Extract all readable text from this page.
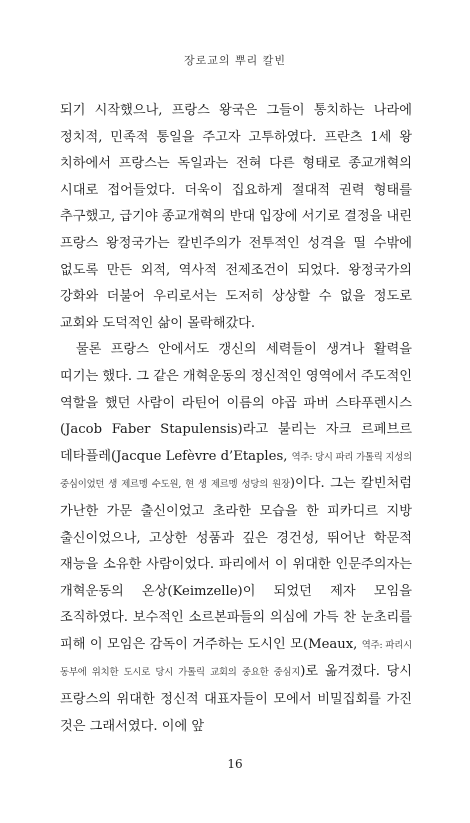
장로교의 뿌리 칼빈

되기 시작했으나, 프랑스 왕국은 그들이 통치하는 나라에 정치적, 민족적 통일을 주고자 고투하였다. 프란츠 1세 왕 치하에서 프랑스는 독일과는 전혀 다른 형태로 종교개혁의 시대로 접어들었다. 더욱이 집요하게 절대적 권력 형태를 추구했고, 급기야 종교개혁의 반대 입장에 서기로 결정을 내린 프랑스 왕정국가는 칼빈주의가 전투적인 성격을 띨 수밖에 없도록 만든 외적, 역사적 전제조건이 되었다. 왕정국가의 강화와 더불어 우리로서는 도저히 상상할 수 없을 정도로 교회와 도덕적인 삶이 몰락해갔다.

물론 프랑스 안에서도 갱신의 세력들이 생겨나 활력을 띠기는 했다. 그 같은 개혁운동의 정신적인 영역에서 주도적인 역할을 했던 사람이 라틴어 이름의 야곱 파버 스타푸렌시스(Jacob Faber Stapulensis)라고 불리는 자크 르페브르 데타플레(Jacque Lefèvre d’Etaples, 역주: 당시 파리 가톨릭 지성의 중심이었던 생 제르멩 수도원, 현 생 제르멩 성당의 원장)이다. 그는 칼빈처럼 가난한 가문 출신이었고 초라한 모습을 한 피카디르 지방 출신이었으나, 고상한 성품과 깊은 경건성, 뛰어난 학문적 재능을 소유한 사람이었다. 파리에서 이 위대한 인문주의자는 개혁운동의 온상(Keimzelle)이 되었던 제자 모임을 조직하였다. 보수적인 소르본파들의 의심에 가득 찬 눈초리를 피해 이 모임은 감독이 거주하는 도시인 모(Meaux, 역주: 파리시 동부에 위치한 도시로 당시 가톨릭 교회의 중요한 중심지)로 옮겨졌다. 당시 프랑스의 위대한 정신적 대표자들이 모에서 비밀집회를 가진 것은 그래서였다. 이에 앞

16
